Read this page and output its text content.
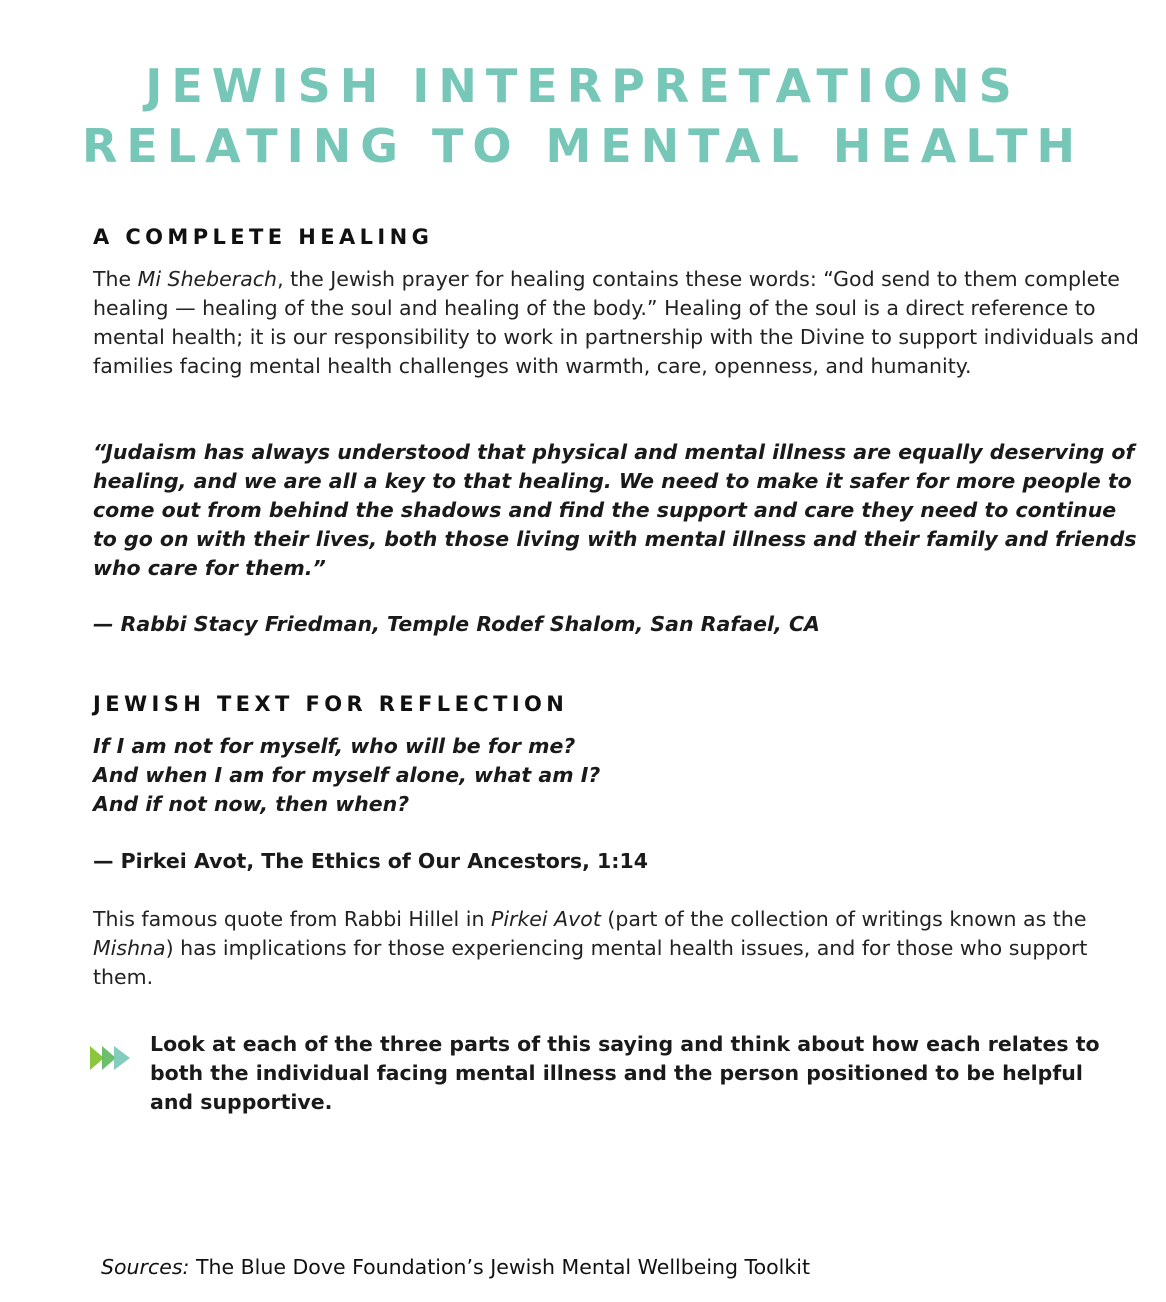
JEWISH INTERPRETATIONS
RELATING TO MENTAL HEALTH
A COMPLETE HEALING

The Mi Sheberach, the Jewish prayer for healing contains these words: “God send to them complete healing — healing of the soul and healing of the body.” Healing of the soul is a direct reference to mental health; it is our responsibility to work in partnership with the Divine to support individuals and families facing mental health challenges with warmth, care, openness, and humanity.

“Judaism has always understood that physical and mental illness are equally deserving of healing, and we are all a key to that healing. We need to make it safer for more people to come out from behind the shadows and find the support and care they need to continue to go on with their lives, both those living with mental illness and their family and friends who care for them.”

— Rabbi Stacy Friedman, Temple Rodef Shalom, San Rafael, CA

JEWISH TEXT FOR REFLECTION

If I am not for myself, who will be for me?
And when I am for myself alone, what am I?
And if not now, then when?

— Pirkei Avot, The Ethics of Our Ancestors, 1:14

This famous quote from Rabbi Hillel in Pirkei Avot (part of the collection of writings known as the Mishna) has implications for those experiencing mental health issues, and for those who support them.

Look at each of the three parts of this saying and think about how each relates to both the individual facing mental illness and the person positioned to be helpful and supportive.

Sources: The Blue Dove Foundation’s Jewish Mental Wellbeing Toolkit
